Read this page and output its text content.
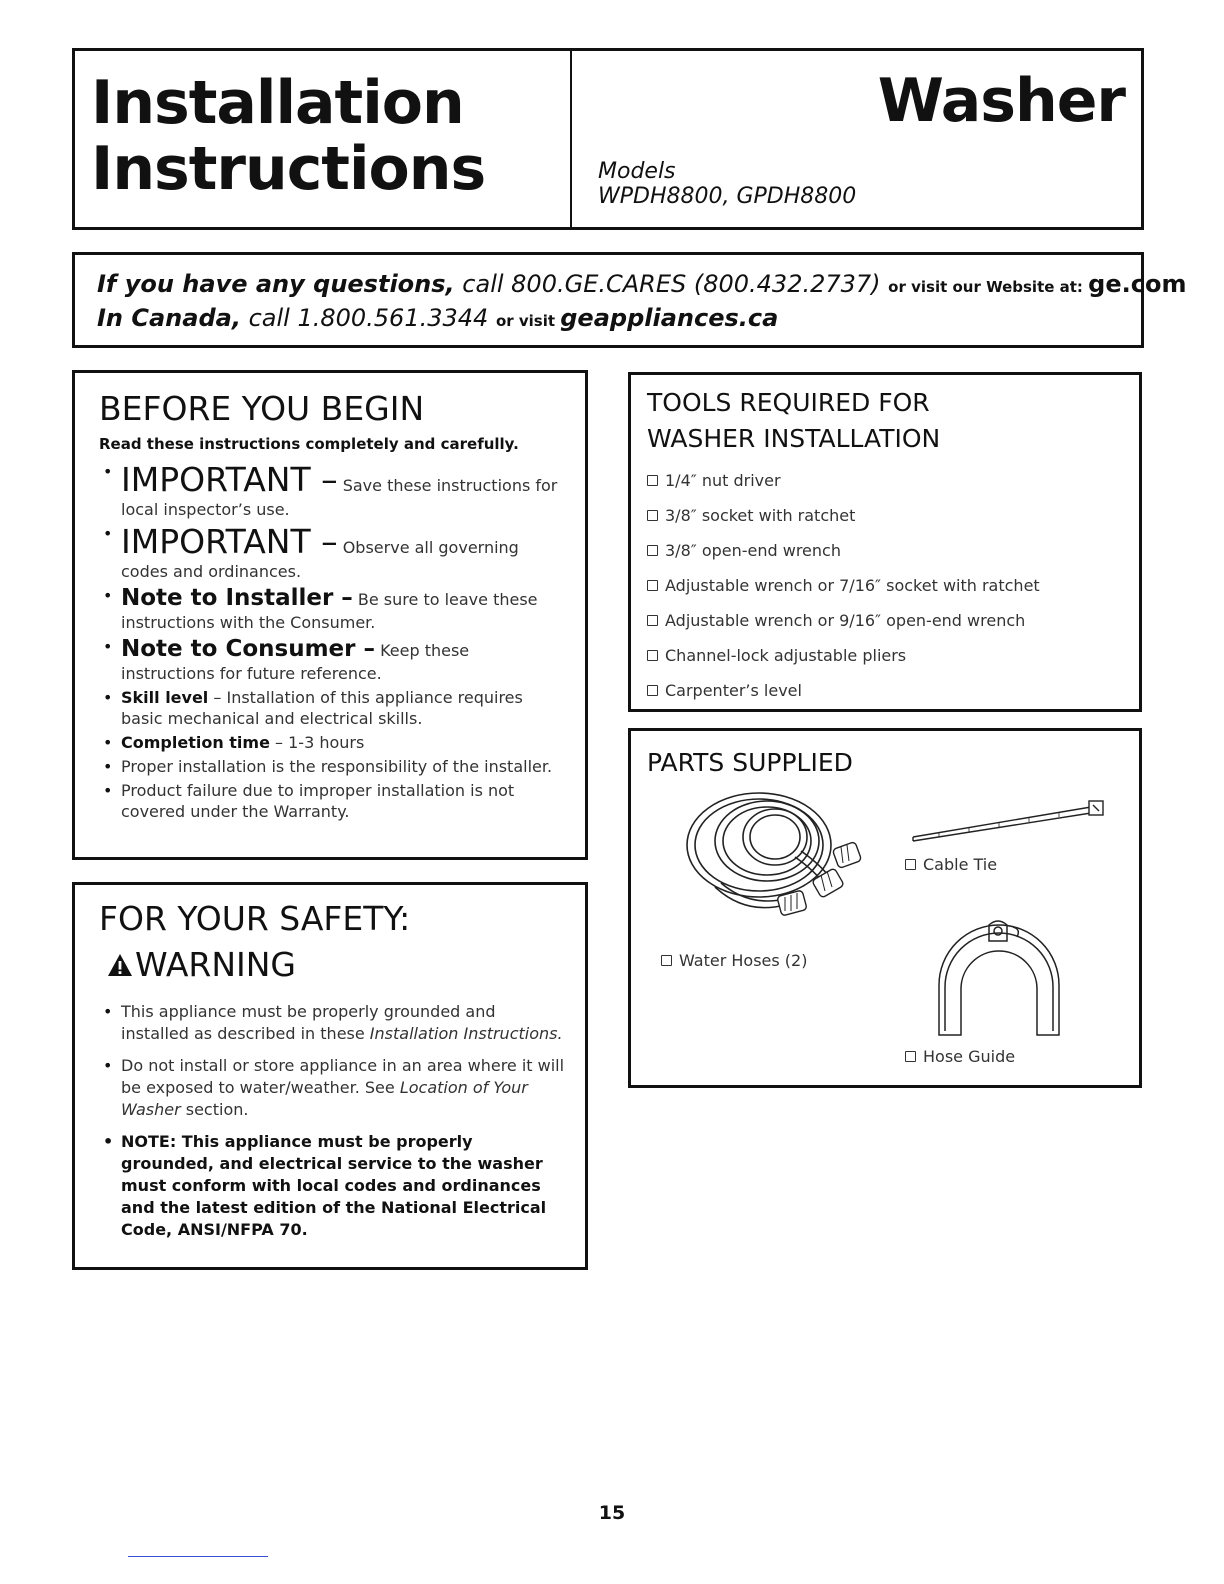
Installation
Instructions
Washer
Models
WPDH8800, GPDH8800
If you have any questions, call 800.GE.CARES (800.432.2737) or visit our Website at: ge.com
In Canada, call 1.800.561.3344 or visit geappliances.ca
BEFORE YOU BEGIN
Read these instructions completely and carefully.
• IMPORTANT – Save these instructions for local inspector’s use.
• IMPORTANT – Observe all governing codes and ordinances.
• Note to Installer – Be sure to leave these instructions with the Consumer.
• Note to Consumer – Keep these instructions for future reference.
• Skill level – Installation of this appliance requires basic mechanical and electrical skills.
• Completion time – 1-3 hours
• Proper installation is the responsibility of the installer.
• Product failure due to improper installation is not covered under the Warranty.
FOR YOUR SAFETY:
WARNING
• This appliance must be properly grounded and installed as described in these Installation Instructions.
• Do not install or store appliance in an area where it will be exposed to water/weather. See Location of Your Washer section.
• NOTE: This appliance must be properly grounded, and electrical service to the washer must conform with local codes and ordinances and the latest edition of the National Electrical Code, ANSI/NFPA 70.
TOOLS REQUIRED FOR
WASHER INSTALLATION
1/4″ nut driver
3/8″ socket with ratchet
3/8″ open-end wrench
Adjustable wrench or 7/16″ socket with ratchet
Adjustable wrench or 9/16″ open-end wrench
Channel-lock adjustable pliers
Carpenter’s level
PARTS SUPPLIED
Water Hoses (2)
Cable Tie
Hose Guide
15
